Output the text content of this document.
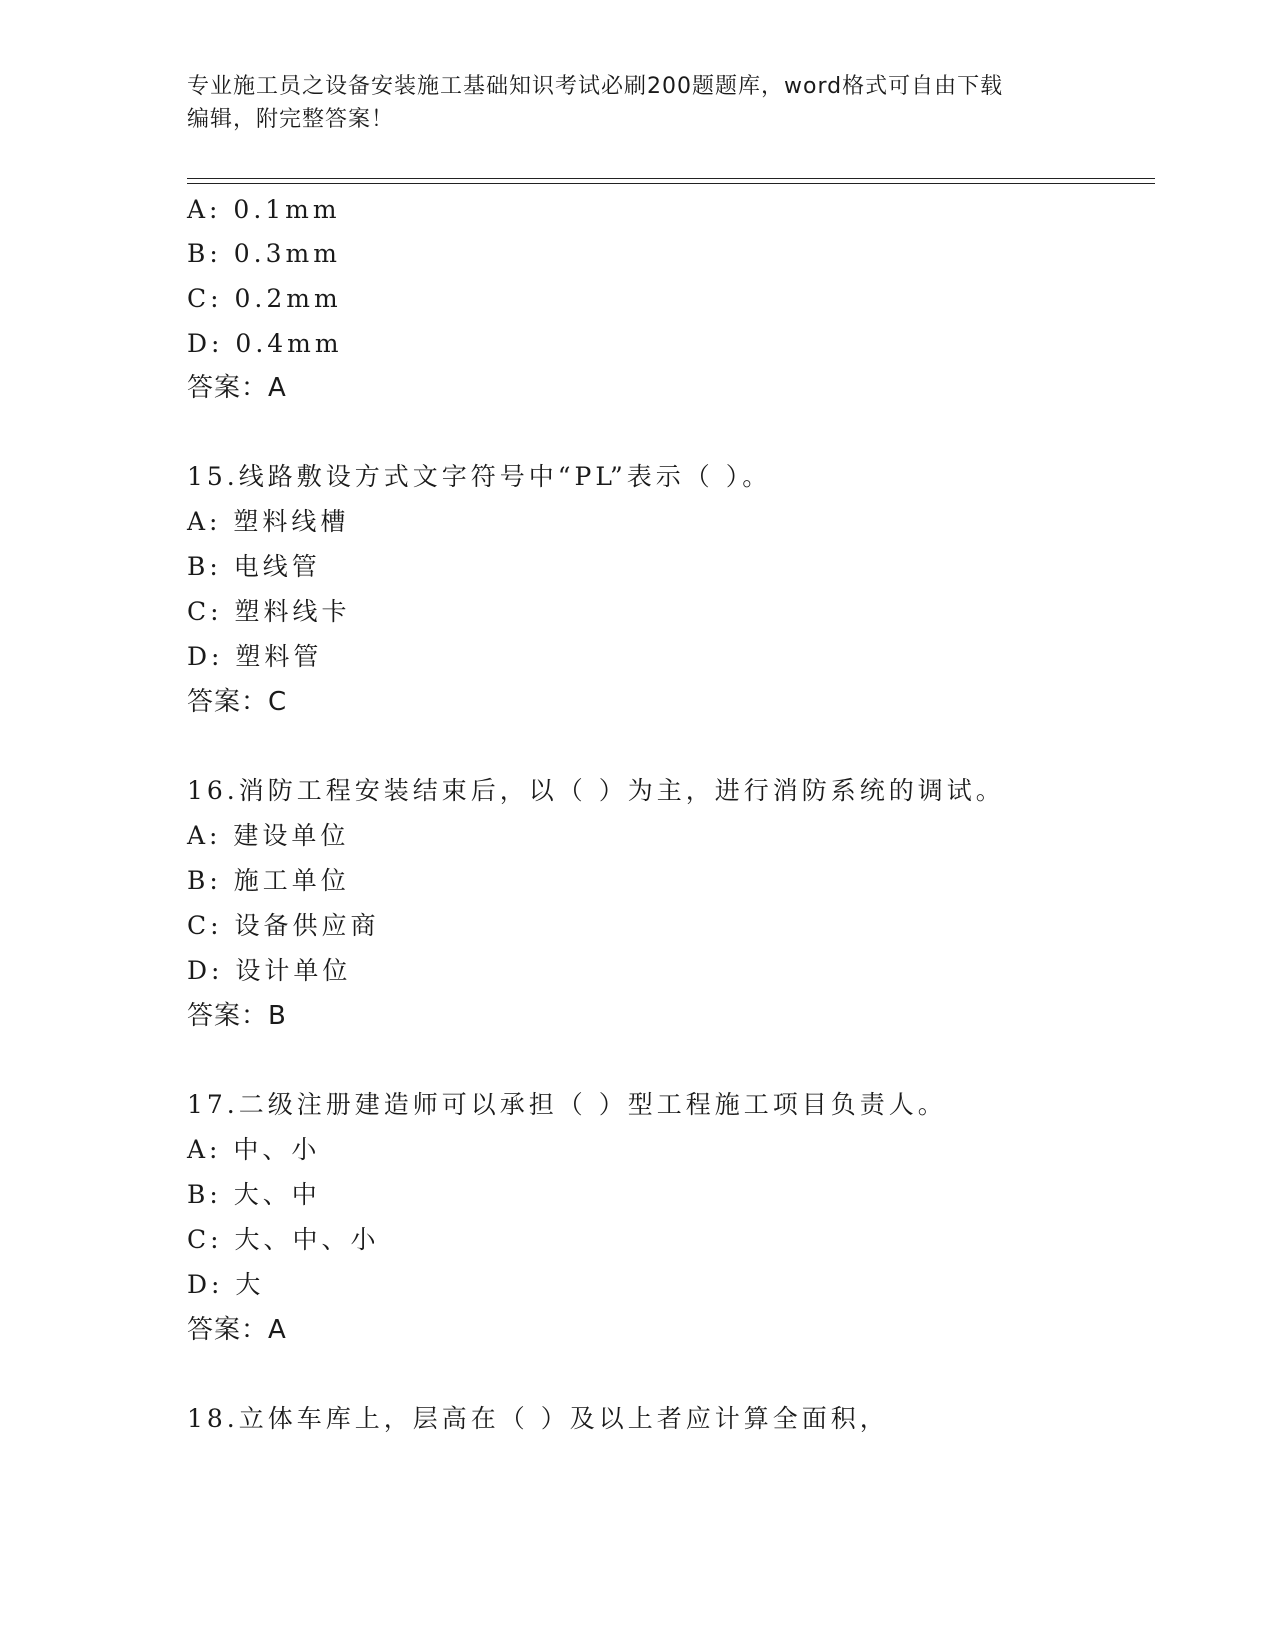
专业施工员之设备安装施工基础知识考试必刷200题题库，word格式可自由下载
编辑，附完整答案！
A: 0.1mm
B: 0.3mm
C: 0.2mm
D: 0.4mm
答案：A
15.线路敷设方式文字符号中“PL”表示（ ）。
A: 塑料线槽
B: 电线管
C: 塑料线卡
D: 塑料管
答案：C
16.消防工程安装结束后，以（ ）为主，进行消防系统的调试。
A: 建设单位
B: 施工单位
C: 设备供应商
D: 设计单位
答案：B
17.二级注册建造师可以承担（ ）型工程施工项目负责人。
A: 中、小
B: 大、中
C: 大、中、小
D: 大
答案：A
18.立体车库上，层高在（ ）及以上者应计算全面积，
